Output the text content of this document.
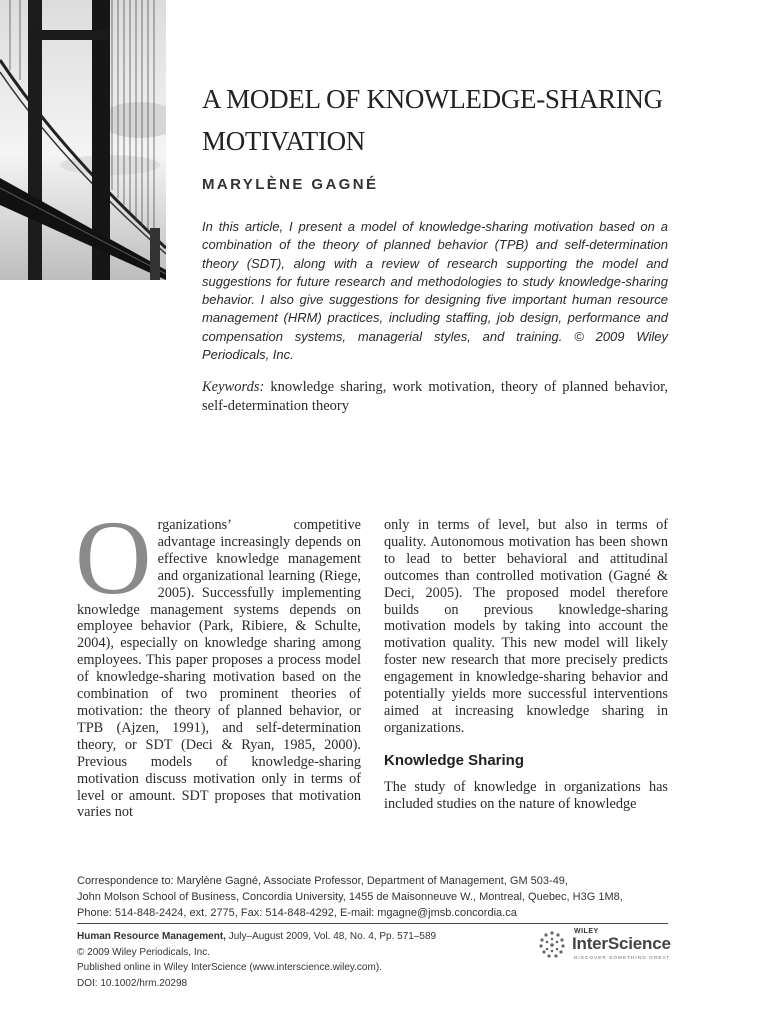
A MODEL OF KNOWLEDGE-SHARING MOTIVATION
MARYLÈNE GAGNÉ

In this article, I present a model of knowledge-sharing motivation based on a combination of the theory of planned behavior (TPB) and self-determination theory (SDT), along with a review of research supporting the model and suggestions for future research and methodologies to study knowledge-sharing behavior. I also give suggestions for designing five important human resource management (HRM) practices, including staffing, job design, performance and compensation systems, managerial styles, and training. © 2009 Wiley Periodicals, Inc.

Keywords: knowledge sharing, work motivation, theory of planned behavior, self-determination theory

Organizations’ competitive advantage increasingly depends on effective knowledge management and organizational learning (Riege, 2005). Successfully implementing knowledge management systems depends on employee behavior (Park, Ribiere, & Schulte, 2004), especially on knowledge sharing among employees. This paper proposes a process model of knowledge-sharing motivation based on the combination of two prominent theories of motivation: the theory of planned behavior, or TPB (Ajzen, 1991), and self-determination theory, or SDT (Deci & Ryan, 1985, 2000). Previous models of knowledge-sharing motivation discuss motivation only in terms of level or amount. SDT proposes that motivation varies not

only in terms of level, but also in terms of quality. Autonomous motivation has been shown to lead to better behavioral and attitudinal outcomes than controlled motivation (Gagné & Deci, 2005). The proposed model therefore builds on previous knowledge-sharing motivation models by taking into account the motivation quality. This new model will likely foster new research that more precisely predicts engagement in knowledge-sharing behavior and potentially yields more successful interventions aimed at increasing knowledge sharing in organizations.

Knowledge Sharing

The study of knowledge in organizations has included studies on the nature of knowledge

Correspondence to: Marylène Gagné, Associate Professor, Department of Management, GM 503-49,
John Molson School of Business, Concordia University, 1455 de Maisonneuve W., Montreal, Quebec, H3G 1M8,
Phone: 514-848-2424, ext. 2775, Fax: 514-848-4292, E-mail: mgagne@jmsb.concordia.ca
Human Resource Management, July–August 2009, Vol. 48, No. 4, Pp. 571–589
© 2009 Wiley Periodicals, Inc.
Published online in Wiley InterScience (www.interscience.wiley.com).
DOI: 10.1002/hrm.20298
WILEY
InterScience
DISCOVER SOMETHING GREAT
